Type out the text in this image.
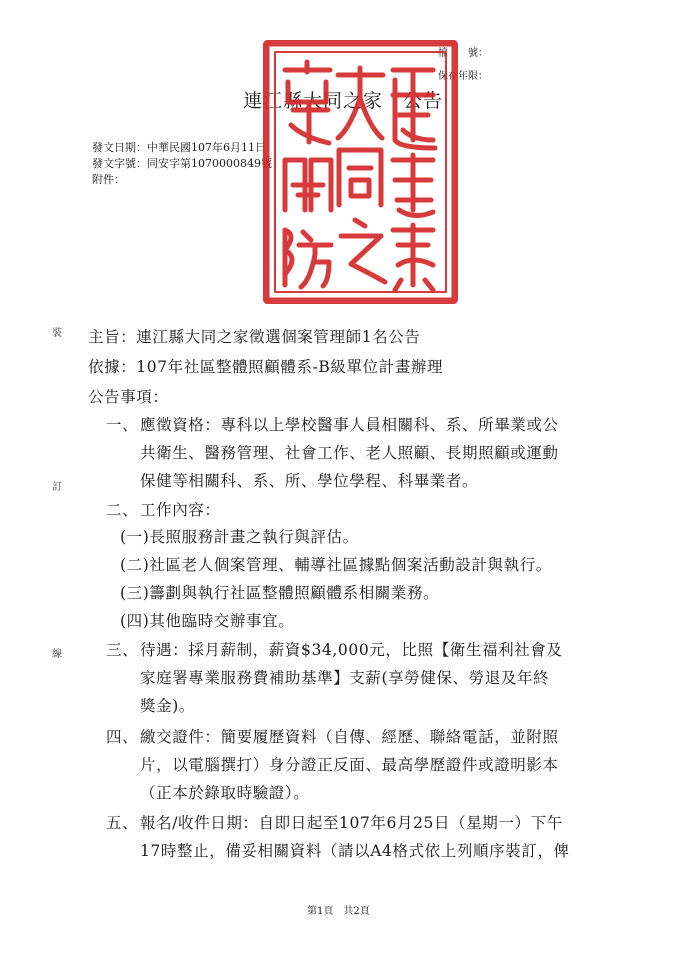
檔　　號：
保存年限：
連江縣大同之家　公告
發文日期：中華民國107年6月11日
發文字號：同安字第1070000849號
附件：
裝
訂
線
主旨：連江縣大同之家徵選個案管理師1名公告
依據：107年社區整體照顧體系-B級單位計畫辦理
公告事項：
一、 應徵資格：專科以上學校醫事人員相關科、系、所畢業或公
共衛生、醫務管理、社會工作、老人照顧、長期照顧或運動
保健等相關科、系、所、學位學程、科畢業者。
二、 工作內容：
(一)長照服務計畫之執行與評估。
(二)社區老人個案管理、輔導社區據點個案活動設計與執行。
(三)籌劃與執行社區整體照顧體系相關業務。
(四)其他臨時交辦事宜。
三、 待遇：採月薪制，薪資$34,000元，比照【衛生福利社會及
家庭署專業服務費補助基準】支薪(享勞健保、勞退及年終
獎金)。
四、 繳交證件：簡要履歷資料（自傳、經歷、聯絡電話，並附照
片，以電腦撰打）身分證正反面、最高學歷證件或證明影本
（正本於錄取時驗證）。
五、 報名/收件日期：自即日起至107年6月25日（星期一）下午
17時整止，備妥相關資料（請以A4格式依上列順序裝訂，俾
第1頁　共2頁
